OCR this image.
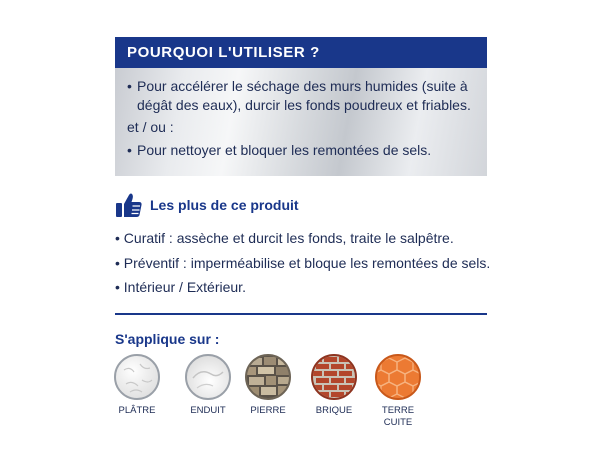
POURQUOI L'UTILISER ?
• Pour accélérer le séchage des murs humides (suite à
dégât des eaux), durcir les fonds poudreux et friables.
et / ou :
• Pour nettoyer et bloquer les remontées de sels.
Les plus de ce produit
• Curatif : assèche et durcit les fonds, traite le salpêtre.
• Préventif : imperméabilise et bloque les remontées de sels.
• Intérieur / Extérieur.
S'applique sur :
PLÂTRE	ENDUIT	PIERRE	BRIQUE	TERRE
CUITE
